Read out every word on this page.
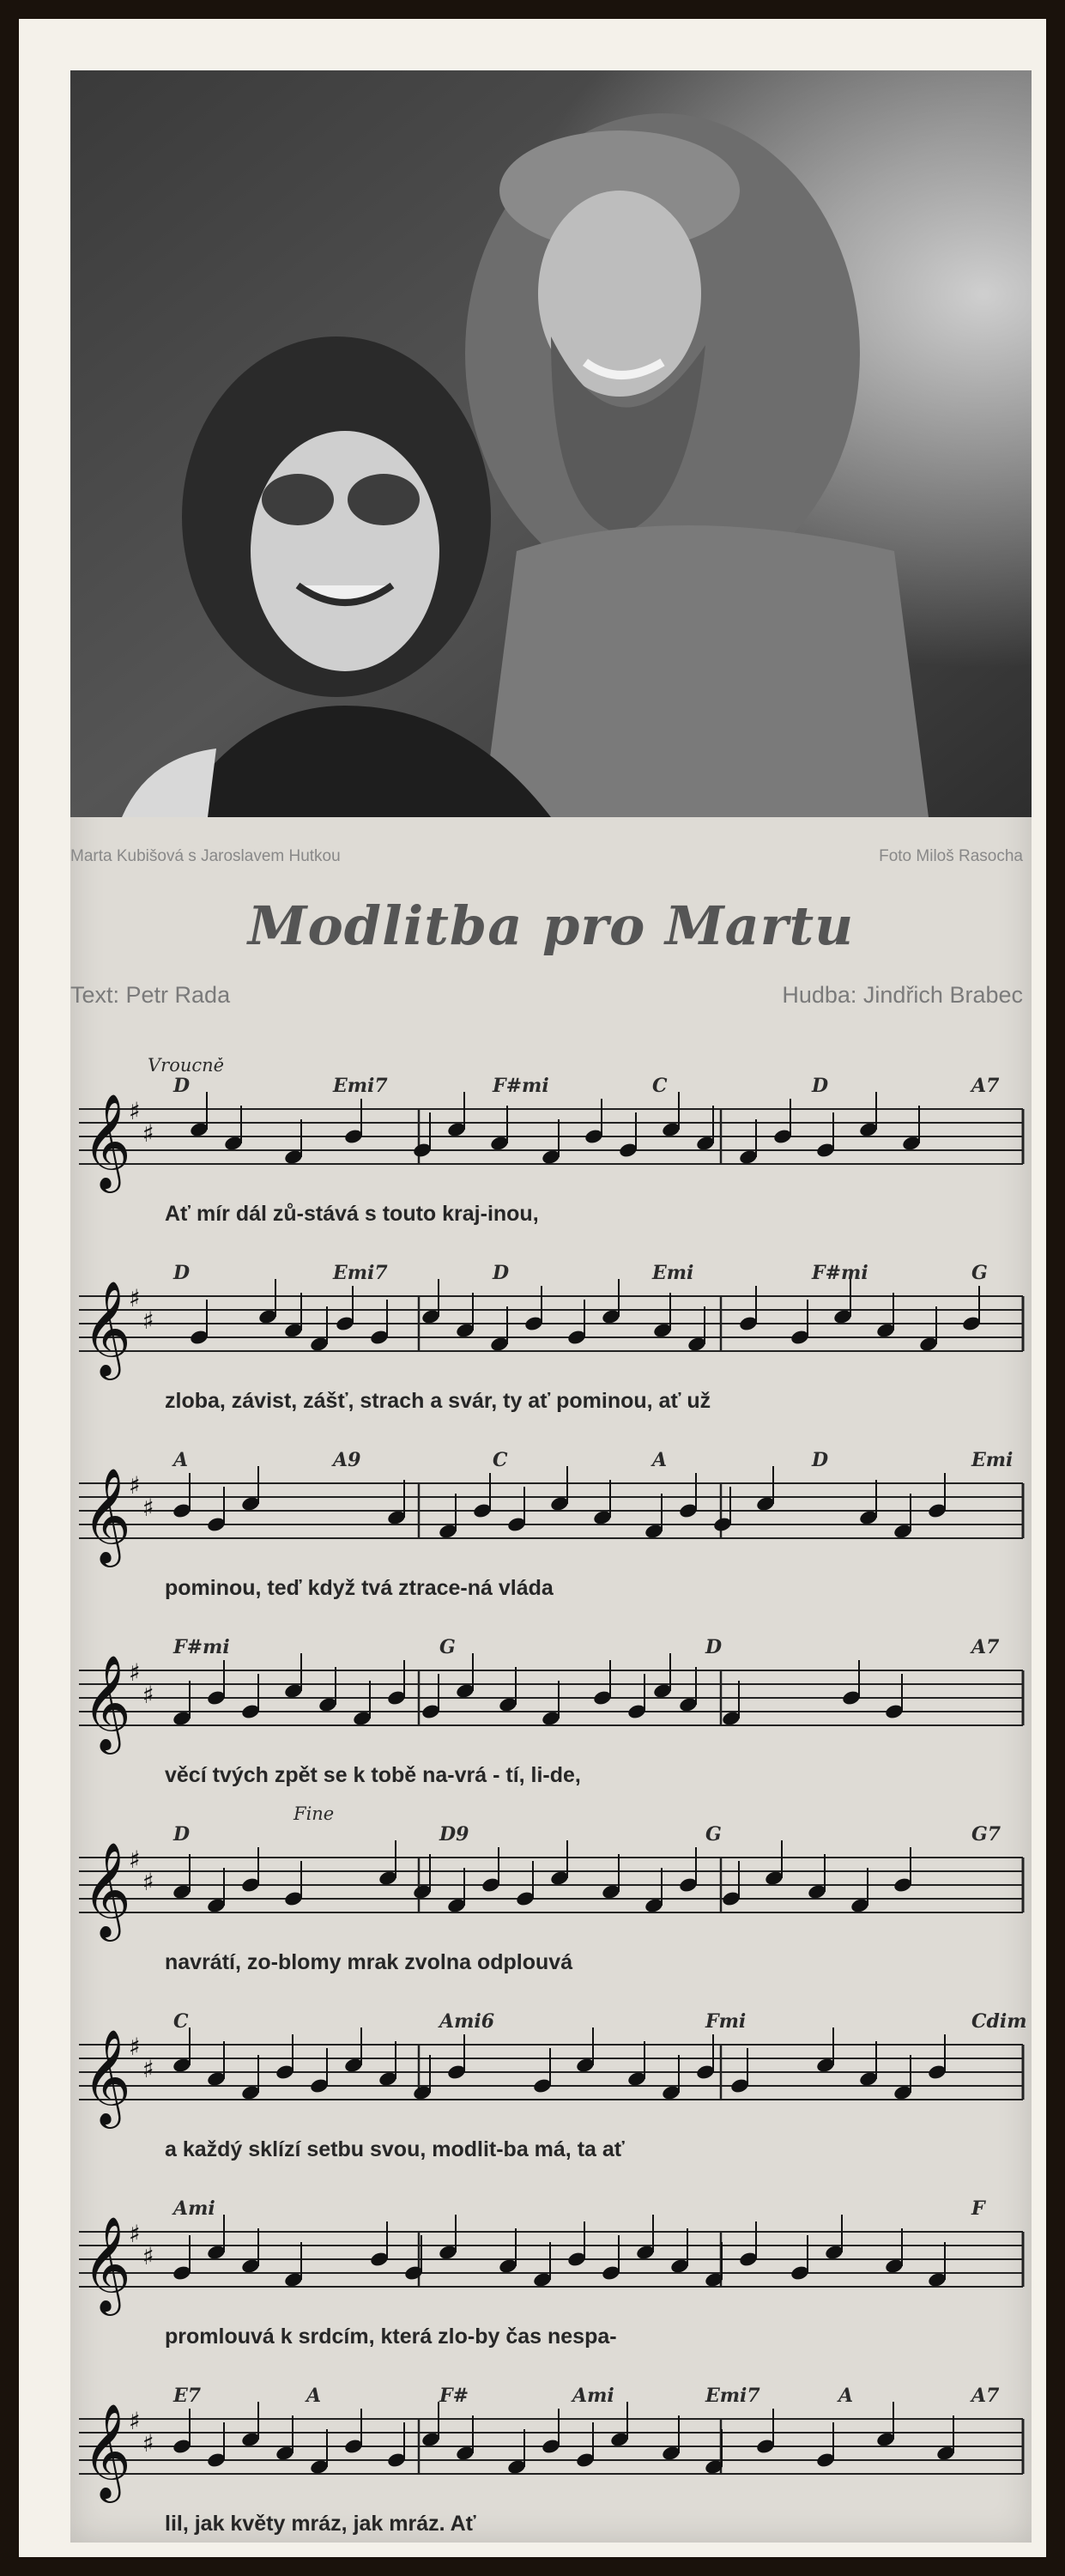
Marta Kubišová s Jaroslavem Hutkou	Foto Miloš Rasocha
Modlitba pro Martu
Text: Petr Rada	Hudba: Jindřich Brabec
𝄞
♯
♯
D	Emi7	F#mi	C	D	A7
Vroucně
Ať mír dál zů-stává s touto kraj-inou,
𝄞
♯
♯
D	Emi7	D	Emi	F#mi	G
zloba, závist, zášť, strach a svár, ty ať pominou, ať už
𝄞
♯
♯
A	A9	C	A	D	Emi
pominou, teď když tvá ztrace-ná vláda
𝄞
♯
♯
F#mi	G	D	A7
věcí tvých zpět se k tobě na-vrá - tí, li-de,
𝄞
♯
♯
D	D9	G	G7
Fine
navrátí, zo-blomy mrak zvolna odplouvá
𝄞
♯
♯
C	Ami6	Fmi	Cdim
a každý sklízí setbu svou, modlit-ba má, ta ať
𝄞
♯
♯
Ami	F
promlouvá k srdcím, která zlo-by čas nespa-
𝄞
♯
♯
E7	A	F#	Ami	Emi7	A	A7
lil, jak květy mráz, jak mráz. Ať
